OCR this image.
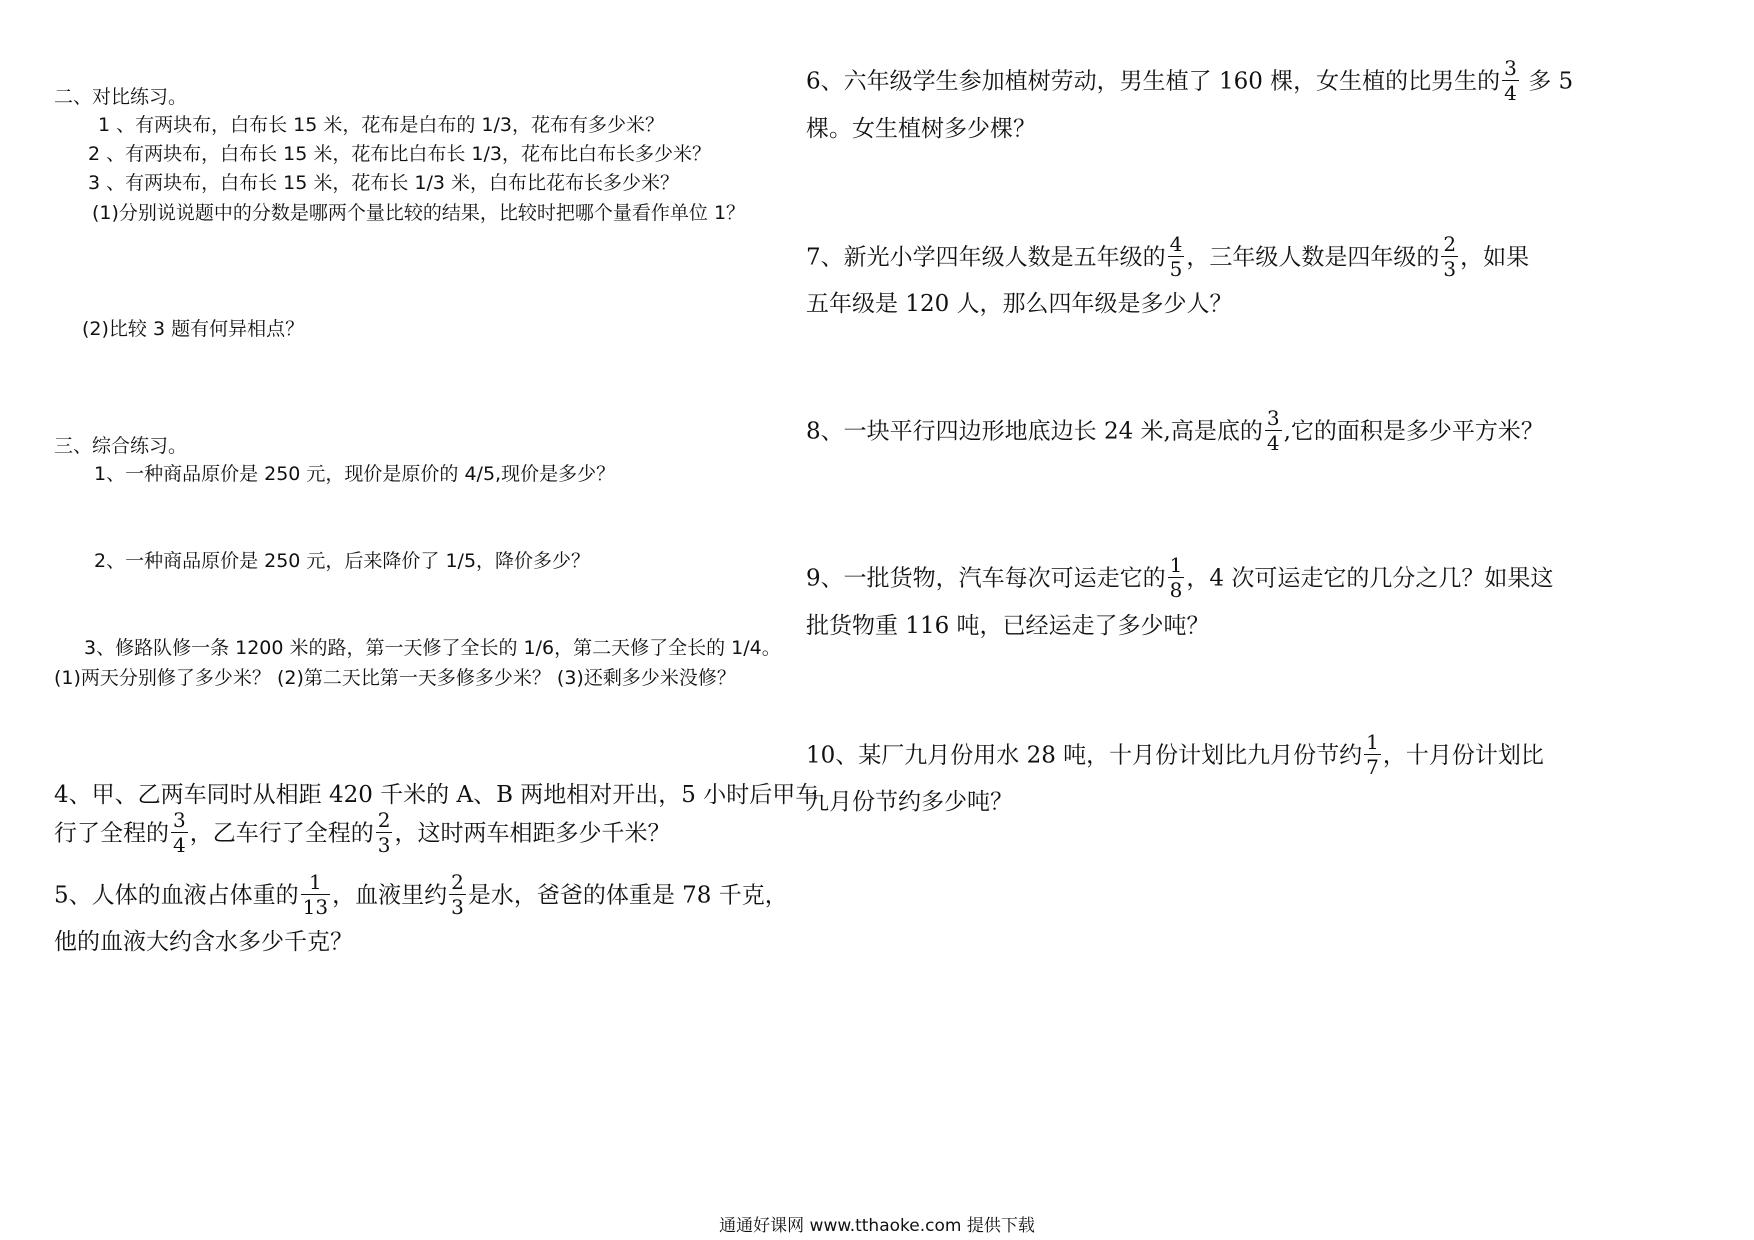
二、对比练习。
1 、有两块布，白布长 15 米，花布是白布的 1/3，花布有多少米？
2 、有两块布，白布长 15 米，花布比白布长 1/3，花布比白布长多少米？
3 、有两块布，白布长 15 米，花布长 1/3 米，白布比花布长多少米？
(1)分别说说题中的分数是哪两个量比较的结果，比较时把哪个量看作单位 1？
(2)比较 3 题有何异相点？
三、综合练习。
1、一种商品原价是 250 元，现价是原价的 4/5,现价是多少？
2、一种商品原价是 250 元，后来降价了 1/5，降价多少？
3、修路队修一条 1200 米的路，第一天修了全长的 1/6，第二天修了全长的 1/4。
(1)两天分别修了多少米？ (2)第二天比第一天多修多少米？ (3)还剩多少米没修？
4、甲、乙两车同时从相距 420 千米的 A、B 两地相对开出，5 小时后甲车
行了全程的 $\frac{3}{4}$ ，乙车行了全程的 $\frac{2}{3}$ ，这时两车相距多少千米？
5、人体的血液占体重的 $\frac{1}{13}$ ，血液里约 $\frac{2}{3}$ 是水，爸爸的体重是 78 千克，
他的血液大约含水多少千克？
6、六年级学生参加植树劳动，男生植了 160 棵，女生植的比男生的 $\frac{3}{4}$ 多 5
棵。女生植树多少棵？
7、新光小学四年级人数是五年级的 $\frac{4}{5}$ ，三年级人数是四年级的 $\frac{2}{3}$ ，如果
五年级是 120 人，那么四年级是多少人？
8、一块平行四边形地底边长 24 米,高是底的 $\frac{3}{4}$ ,它的面积是多少平方米？
9、一批货物，汽车每次可运走它的 $\frac{1}{8}$ ，4 次可运走它的几分之几？如果这
批货物重 116 吨，已经运走了多少吨？
10、某厂九月份用水 28 吨，十月份计划比九月份节约 $\frac{1}{7}$ ，十月份计划比
九月份节约多少吨？
通通好课网 www.tthaoke.com 提供下载
